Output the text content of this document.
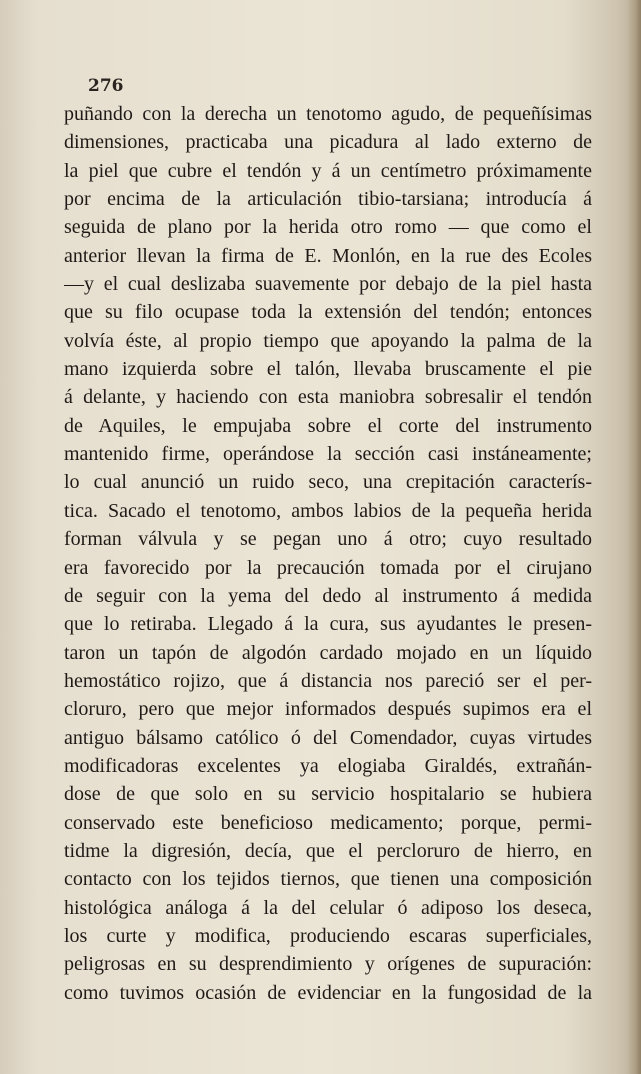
276

puñando con la derecha un tenotomo agudo, de pequeñísimas
dimensiones, practicaba una picadura al lado externo de
la piel que cubre el tendón y á un centímetro próximamente
por encima de la articulación tibio-tarsiana; introducía á
seguida de plano por la herida otro romo — que como el
anterior llevan la firma de E. Monlón, en la rue des Ecoles
—y el cual deslizaba suavemente por debajo de la piel hasta
que su filo ocupase toda la extensión del tendón; entonces
volvía éste, al propio tiempo que apoyando la palma de la
mano izquierda sobre el talón, llevaba bruscamente el pie
á delante, y haciendo con esta maniobra sobresalir el tendón
de Aquiles, le empujaba sobre el corte del instrumento
mantenido firme, operándose la sección casi instáneamente;
lo cual anunció un ruido seco, una crepitación caracterís-
tica. Sacado el tenotomo, ambos labios de la pequeña herida
forman válvula y se pegan uno á otro; cuyo resultado
era favorecido por la precaución tomada por el cirujano
de seguir con la yema del dedo al instrumento á medida
que lo retiraba. Llegado á la cura, sus ayudantes le presen-
taron un tapón de algodón cardado mojado en un líquido
hemostático rojizo, que á distancia nos pareció ser el per-
cloruro, pero que mejor informados después supimos era el
antiguo bálsamo católico ó del Comendador, cuyas virtudes
modificadoras excelentes ya elogiaba Giraldés, extrañán-
dose de que solo en su servicio hospitalario se hubiera
conservado este beneficioso medicamento; porque, permi-
tidme la digresión, decía, que el percloruro de hierro, en
contacto con los tejidos tiernos, que tienen una composición
histológica análoga á la del celular ó adiposo los deseca,
los curte y modifica, produciendo escaras superficiales,
peligrosas en su desprendimiento y orígenes de supuración:
como tuvimos ocasión de evidenciar en la fungosidad de la
